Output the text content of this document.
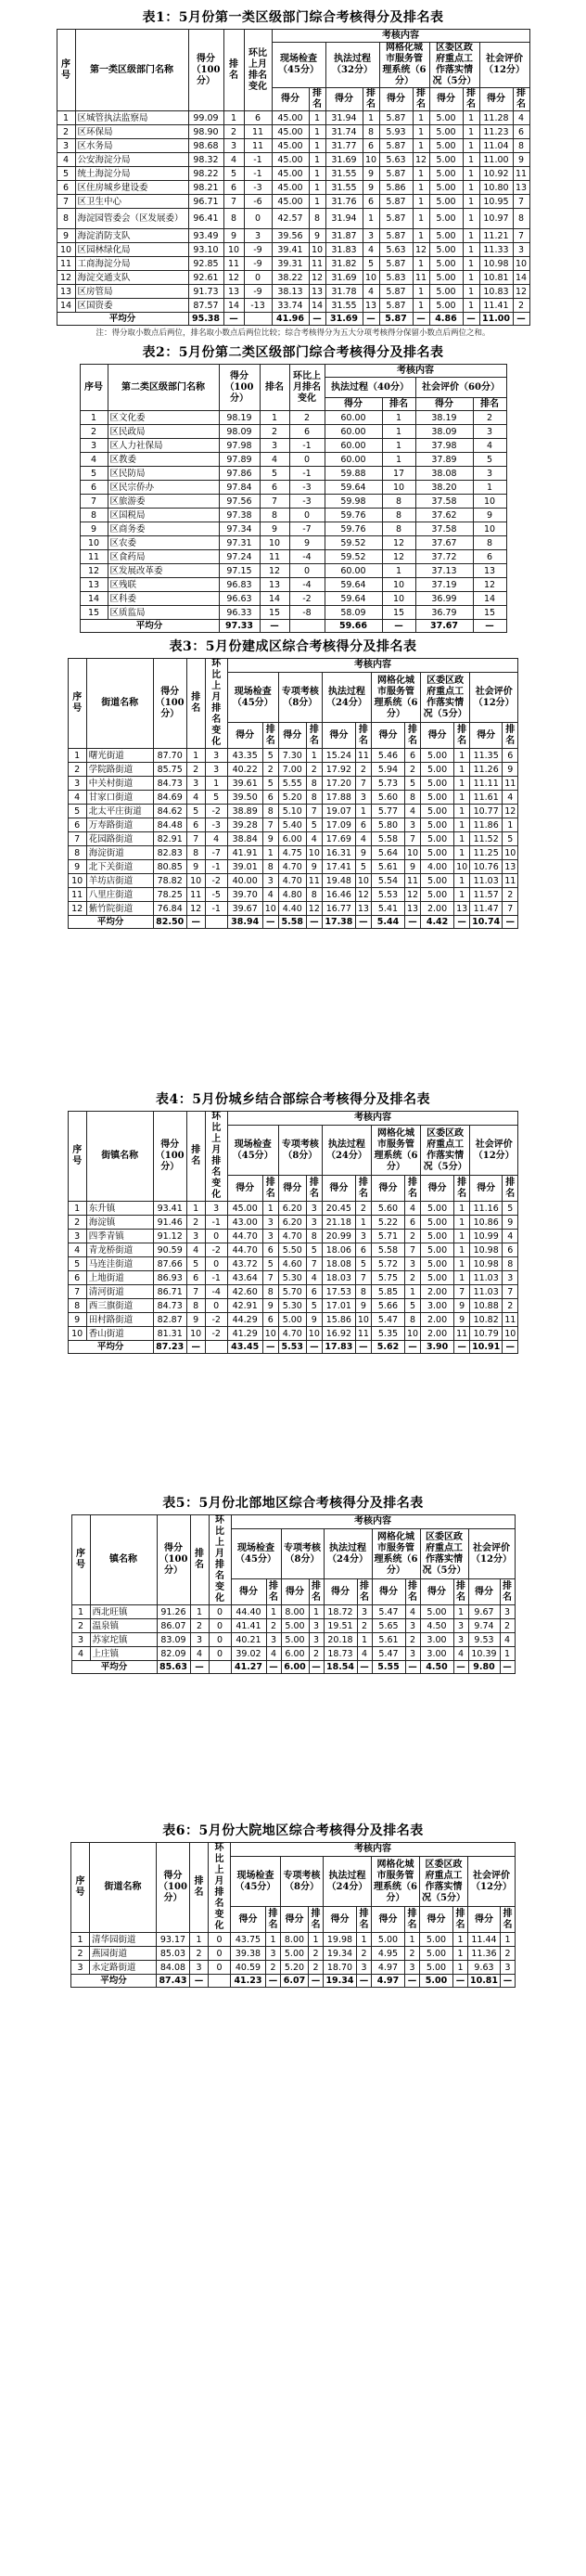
表1：5月份第一类区级部门综合考核得分及排名表
序号	第一类区级部门名称	得分（100分）	排名	环比上月排名变化	考核内容									
					现场检查（45分）		执法过程（32分）		网格化城市服务管理系统（6分）		区委区政府重点工作落实情况（5分）		社会评价（12分）	
					得分	排名	得分	排名	得分	排名	得分	排名	得分	排名
1	区城管执法监察局	99.09	1	6	45.00	1	31.94	1	5.87	1	5.00	1	11.28	4
2	区环保局	98.90	2	11	45.00	1	31.74	8	5.93	1	5.00	1	11.23	6
3	区水务局	98.68	3	11	45.00	1	31.77	6	5.87	1	5.00	1	11.04	8
4	公安海淀分局	98.32	4	-1	45.00	1	31.69	10	5.63	12	5.00	1	11.00	9
5	统土海淀分局	98.22	5	-1	45.00	1	31.55	9	5.87	1	5.00	1	10.92	11
6	区住房城乡建设委	98.21	6	-3	45.00	1	31.55	9	5.86	1	5.00	1	10.80	13
7	区卫生中心	96.71	7	-6	45.00	1	31.76	6	5.87	1	5.00	1	10.95	7
8	海淀园管委会（区发展委）	96.41	8	0	42.57	8	31.94	1	5.87	1	5.00	1	10.97	8
9	海淀消防支队	93.49	9	3	39.56	9	31.87	3	5.87	1	5.00	1	11.21	7
10	区园林绿化局	93.10	10	-9	39.41	10	31.83	4	5.63	12	5.00	1	11.33	3
11	工商海淀分局	92.85	11	-9	39.31	11	31.82	5	5.87	1	5.00	1	10.98	10
12	海淀交通支队	92.61	12	0	38.22	12	31.69	10	5.83	11	5.00	1	10.81	14
13	区房管局	91.73	13	-9	38.13	13	31.78	4	5.87	1	5.00	1	10.83	12
14	区国资委	87.57	14	-13	33.74	14	31.55	13	5.87	1	5.00	1	11.41	2
平均分		95.38	—		41.96	—	31.69	—	5.87	—	4.86	—	11.00	—
注：得分取小数点后两位，排名取小数点后两位比较；综合考核得分为五大分项考核得分保留小数点后两位之和。
表2：5月份第二类区级部门综合考核得分及排名表
序号	第二类区级部门名称	得分（100分）	排名	环比上月排名变化	考核内容			
					执法过程（40分）		社会评价（60分）	
					得分	排名	得分	排名
1	区文化委	98.19	1	2	60.00	1	38.19	2
2	区民政局	98.09	2	6	60.00	1	38.09	3
3	区人力社保局	97.98	3	-1	60.00	1	37.98	4
4	区教委	97.89	4	0	60.00	1	37.89	5
5	区民防局	97.86	5	-1	59.88	17	38.08	3
6	区民宗侨办	97.84	6	-3	59.64	10	38.20	1
7	区旅游委	97.56	7	-3	59.98	8	37.58	10
8	区国税局	97.38	8	0	59.76	8	37.62	9
9	区商务委	97.34	9	-7	59.76	8	37.58	10
10	区农委	97.31	10	9	59.52	12	37.67	8
11	区食药局	97.24	11	-4	59.52	12	37.72	6
12	区发展改革委	97.15	12	0	60.00	1	37.13	13
13	区残联	96.83	13	-4	59.64	10	37.19	12
14	区科委	96.63	14	-2	59.64	10	36.99	14
15	区质监局	96.33	15	-8	58.09	15	36.79	15
平均分		97.33	—		59.66	—	37.67	—
表3：5月份建成区综合考核得分及排名表
序号	街道名称	得分（100分）	排名	环比上月排名变化	考核内容											
					现场检查（45分）		专项考核（8分）		执法过程（24分）		网格化城市服务管理系统（6分）		区委区政府重点工作落实情况（5分）		社会评价（12分）	
					得分	排名	得分	排名	得分	排名	得分	排名	得分	排名	得分	排名
1	曙光街道	87.70	1	3	43.35	5	7.30	1	15.24	11	5.46	6	5.00	1	11.35	6
2	学院路街道	85.75	2	3	40.22	2	7.00	2	17.92	2	5.94	2	5.00	1	11.26	9
3	中关村街道	84.73	3	1	39.61	5	5.55	8	17.20	7	5.73	5	5.00	1	11.11	11
4	甘家口街道	84.69	4	5	39.50	6	5.20	8	17.88	3	5.60	8	5.00	1	11.61	4
5	北太平庄街道	84.62	5	-2	38.89	8	5.10	7	19.07	1	5.77	4	5.00	1	10.77	12
6	万寿路街道	84.48	6	-3	39.28	7	5.40	5	17.09	6	5.80	3	5.00	1	11.86	1
7	花园路街道	82.91	7	4	38.84	9	6.00	4	17.69	4	5.58	7	5.00	1	11.52	5
8	海淀街道	82.83	8	-7	41.91	1	4.75	10	16.31	9	5.64	10	5.00	1	11.25	10
9	北下关街道	80.85	9	-1	39.01	8	4.70	9	17.41	5	5.61	9	4.00	10	10.76	13
10	羊坊店街道	78.82	10	-2	40.00	3	4.70	11	19.48	10	5.54	11	5.00	1	11.03	11
11	八里庄街道	78.25	11	-5	39.70	4	4.80	8	16.46	12	5.53	12	5.00	1	11.57	2
12	紫竹院街道	76.84	12	-1	39.67	10	4.40	12	16.77	13	5.41	13	2.00	13	11.47	7
平均分		82.50	—		38.94	—	5.58	—	17.38	—	5.44	—	4.42	—	10.74	—
表4：5月份城乡结合部综合考核得分及排名表
序号	街镇名称	得分（100分）	排名	环比上月排名变化	考核内容											
					现场检查（45分）		专项考核（8分）		执法过程（24分）		网格化城市服务管理系统（6分）		区委区政府重点工作落实情况（5分）		社会评价（12分）	
					得分	排名	得分	排名	得分	排名	得分	排名	得分	排名	得分	排名
1	东升镇	93.41	1	3	45.00	1	6.20	3	20.45	2	5.60	4	5.00	1	11.16	5
2	海淀镇	91.46	2	-1	43.00	3	6.20	3	21.18	1	5.22	6	5.00	1	10.86	9
3	四季青镇	91.12	3	0	44.70	3	4.70	8	20.99	3	5.71	2	5.00	1	10.99	4
4	青龙桥街道	90.59	4	-2	44.70	6	5.50	5	18.06	6	5.58	7	5.00	1	10.98	6
5	马连洼街道	87.66	5	0	43.72	5	4.60	7	18.08	5	5.72	3	5.00	1	10.98	8
6	上地街道	86.93	6	-1	43.64	7	5.30	4	18.03	7	5.75	2	5.00	1	11.03	3
7	清河街道	86.71	7	-4	42.60	8	5.70	6	17.53	8	5.85	1	2.00	7	11.03	7
8	西三旗街道	84.73	8	0	42.91	9	5.30	5	17.01	9	5.66	5	3.00	9	10.88	2
9	田村路街道	82.87	9	-2	44.29	6	5.00	9	15.86	10	5.47	8	2.00	9	10.82	11
10	香山街道	81.31	10	-2	41.29	10	4.70	10	16.92	11	5.35	10	2.00	11	10.79	10
平均分		87.23	—		43.45	—	5.53	—	17.83	—	5.62	—	3.90	—	10.91	—
表5：5月份北部地区综合考核得分及排名表
序号	镇名称	得分（100分）	排名	环比上月排名变化	考核内容											
					现场检查（45分）		专项考核（8分）		执法过程（24分）		网格化城市服务管理系统（6分）		区委区政府重点工作落实情况（5分）		社会评价（12分）	
					得分	排名	得分	排名	得分	排名	得分	排名	得分	排名	得分	排名
1	西北旺镇	91.26	1	0	44.40	1	8.00	1	18.72	3	5.47	4	5.00	1	9.67	3
2	温泉镇	86.07	2	0	41.41	2	5.00	3	19.51	2	5.65	3	4.50	3	9.74	2
3	苏家坨镇	83.09	3	0	40.21	3	5.00	3	20.18	1	5.61	2	3.00	3	9.53	4
4	上庄镇	82.09	4	0	39.02	4	6.00	2	18.73	4	5.47	3	3.00	4	10.39	1
平均分		85.63	—		41.27	—	6.00	—	18.54	—	5.55	—	4.50	—	9.80	—
表6：5月份大院地区综合考核得分及排名表
序号	街道名称	得分（100分）	排名	环比上月排名变化	考核内容											
					现场检查（45分）		专项考核（8分）		执法过程（24分）		网格化城市服务管理系统（6分）		区委区政府重点工作落实情况（5分）		社会评价（12分）	
					得分	排名	得分	排名	得分	排名	得分	排名	得分	排名	得分	排名
1	清华园街道	93.17	1	0	43.75	1	8.00	1	19.98	1	5.00	1	5.00	1	11.44	1
2	燕园街道	85.03	2	0	39.38	3	5.00	2	19.34	2	4.95	2	5.00	1	11.36	2
3	永定路街道	84.08	3	0	40.59	2	5.20	2	18.70	3	4.97	3	5.00	1	9.63	3
平均分		87.43	—		41.23	—	6.07	—	19.34	—	4.97	—	5.00	—	10.81	—
